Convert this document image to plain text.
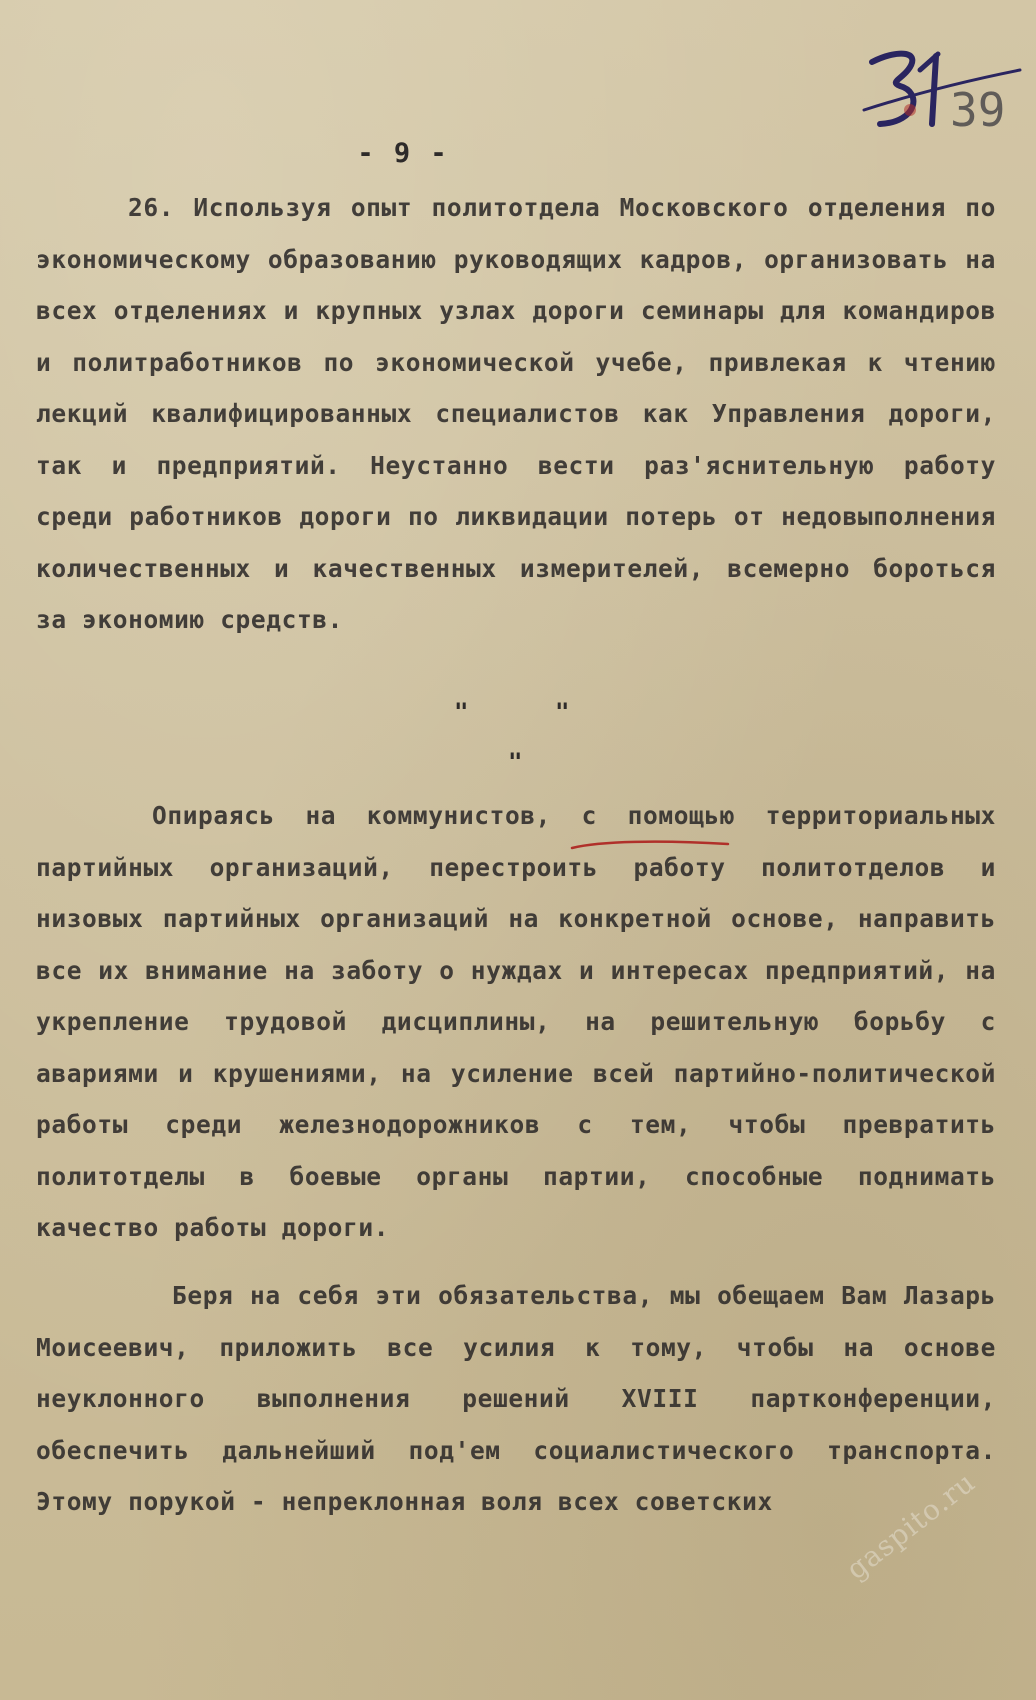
39
- 9 -

26. Используя опыт политотдела Московского отделения по экономическому образованию руководящих кадров, организовать на всех отделениях и крупных узлах дороги семинары для командиров и политработников по экономической учебе, привлекая к чтению лекций квалифицированных специалистов как Управления дороги, так и предприятий. Неустанно вести раз'яснительную работу среди работников дороги по ликвидации потерь от недовыполнения количественных и качественных измерителей, всемерно бороться за экономию средств.

"	"
"

Опираясь на коммунистов, с помощью территориальных партийных организаций, перестроить работу политотделов и низовых партийных организаций на конкретной основе, направить все их внимание на заботу о нуждах и интересах предприятий, на укрепление трудовой дисциплины, на решительную борьбу с авариями и крушениями, на усиление всей партийно-политической работы среди железнодорожников с тем, чтобы превратить политотделы в боевые органы партии, способные поднимать качество работы дороги.

Беря на себя эти обязательства, мы обещаем Вам Лазарь Моисеевич, приложить все усилия к тому, чтобы на основе неуклонного выполнения решений XVIII партконференции, обеспечить дальнейший под'ем социалистического транспорта. Этому порукой - непреклонная воля всех советских	gaspito.ru
